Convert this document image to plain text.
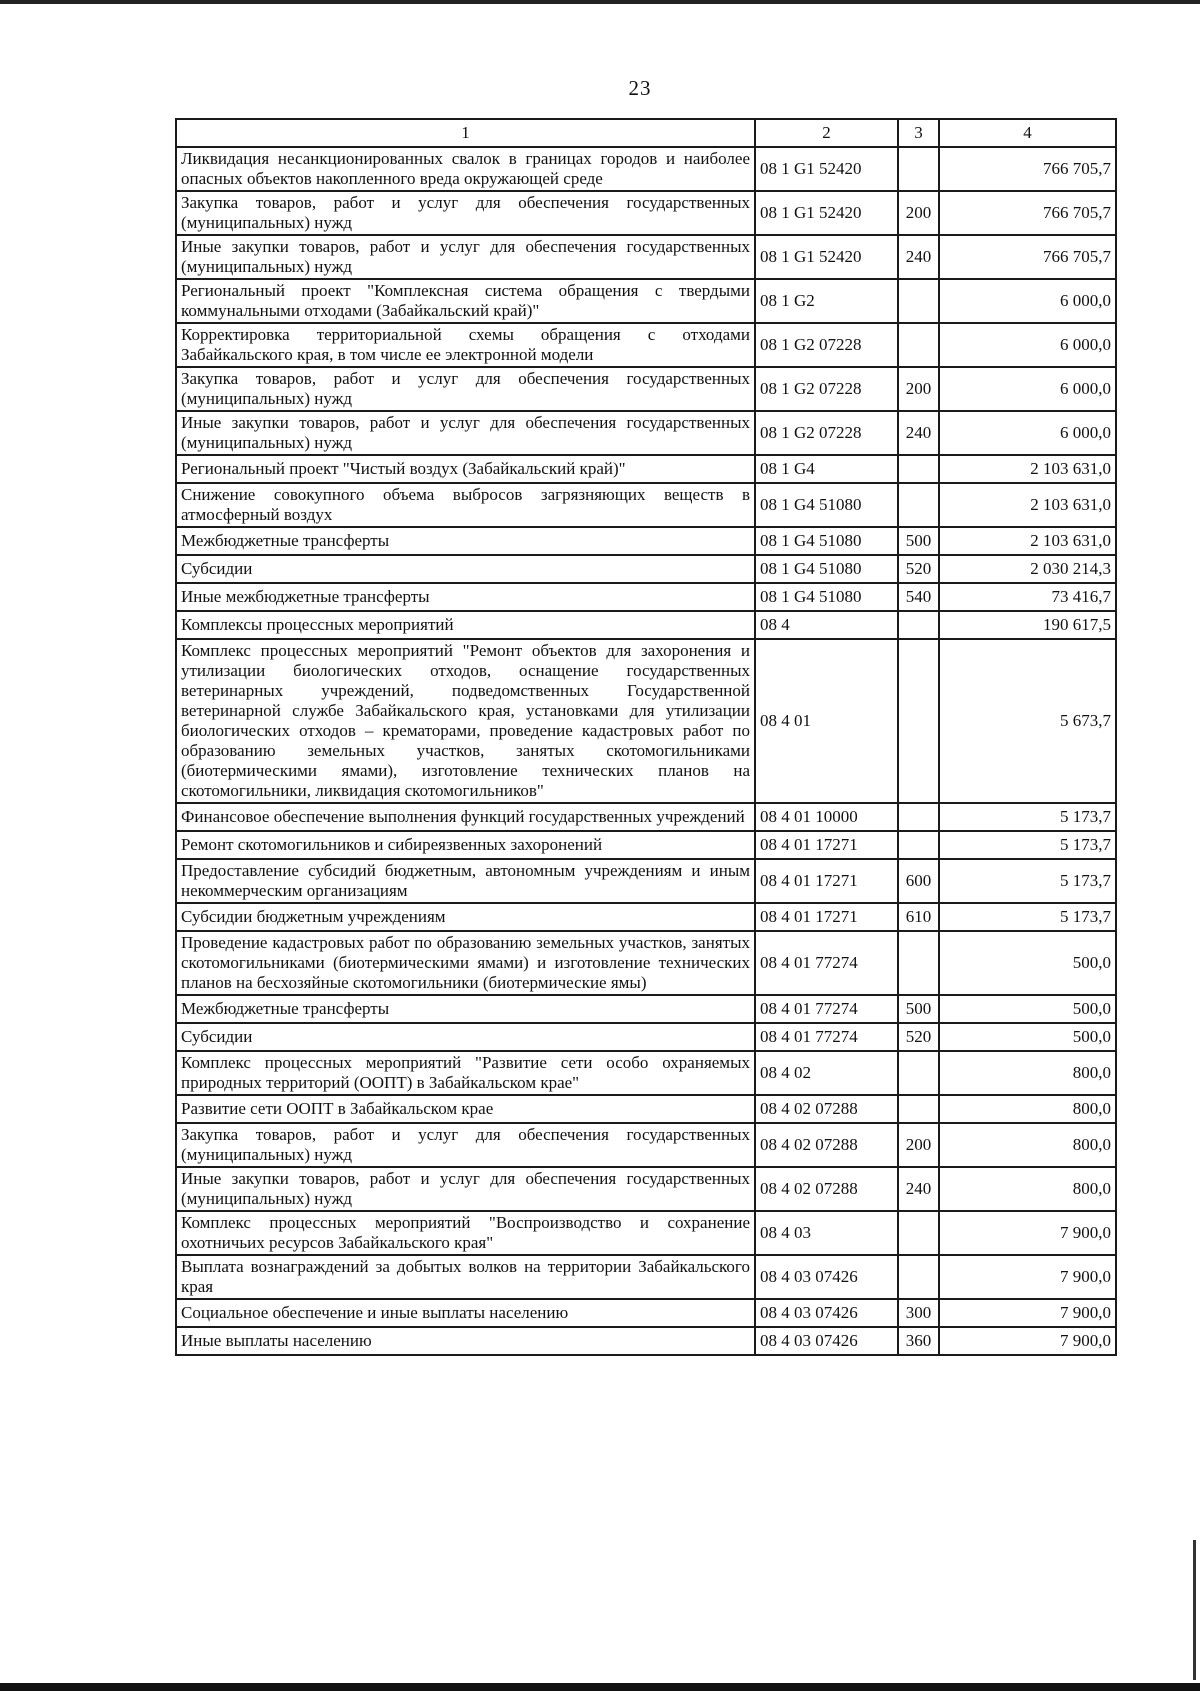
23
1	2	3	4
Ликвидация несанкционированных свалок в границах городов и наиболее опасных объектов накопленного вреда окружающей среде	08 1 G1 52420		766 705,7
Закупка товаров, работ и услуг для обеспечения государственных (муниципальных) нужд	08 1 G1 52420	200	766 705,7
Иные закупки товаров, работ и услуг для обеспечения государственных (муниципальных) нужд	08 1 G1 52420	240	766 705,7
Региональный проект "Комплексная система обращения с твердыми коммунальными отходами (Забайкальский край)"	08 1 G2		6 000,0
Корректировка территориальной схемы обращения с отходами Забайкальского края, в том числе ее электронной модели	08 1 G2 07228		6 000,0
Закупка товаров, работ и услуг для обеспечения государственных (муниципальных) нужд	08 1 G2 07228	200	6 000,0
Иные закупки товаров, работ и услуг для обеспечения государственных (муниципальных) нужд	08 1 G2 07228	240	6 000,0
Региональный проект "Чистый воздух (Забайкальский край)"	08 1 G4		2 103 631,0
Снижение совокупного объема выбросов загрязняющих веществ в атмосферный воздух	08 1 G4 51080		2 103 631,0
Межбюджетные трансферты	08 1 G4 51080	500	2 103 631,0
Субсидии	08 1 G4 51080	520	2 030 214,3
Иные межбюджетные трансферты	08 1 G4 51080	540	73 416,7
Комплексы процессных мероприятий	08 4		190 617,5
Комплекс процессных мероприятий "Ремонт объектов для захоронения и утилизации биологических отходов, оснащение государственных ветеринарных учреждений, подведомственных Государственной ветеринарной службе Забайкальского края, установками для утилизации биологических отходов – крематорами, проведение кадастровых работ по образованию земельных участков, занятых скотомогильниками (биотермическими ямами), изготовление технических планов на скотомогильники, ликвидация скотомогильников"	08 4 01		5 673,7
Финансовое обеспечение выполнения функций государственных учреждений	08 4 01 10000		5 173,7
Ремонт скотомогильников и сибиреязвенных захоронений	08 4 01 17271		5 173,7
Предоставление субсидий бюджетным, автономным учреждениям и иным некоммерческим организациям	08 4 01 17271	600	5 173,7
Субсидии бюджетным учреждениям	08 4 01 17271	610	5 173,7
Проведение кадастровых работ по образованию земельных участков, занятых скотомогильниками (биотермическими ямами) и изготовление технических планов на бесхозяйные скотомогильники (биотермические ямы)	08 4 01 77274		500,0
Межбюджетные трансферты	08 4 01 77274	500	500,0
Субсидии	08 4 01 77274	520	500,0
Комплекс процессных мероприятий "Развитие сети особо охраняемых природных территорий (ООПТ) в Забайкальском крае"	08 4 02		800,0
Развитие сети ООПТ в Забайкальском крае	08 4 02 07288		800,0
Закупка товаров, работ и услуг для обеспечения государственных (муниципальных) нужд	08 4 02 07288	200	800,0
Иные закупки товаров, работ и услуг для обеспечения государственных (муниципальных) нужд	08 4 02 07288	240	800,0
Комплекс процессных мероприятий "Воспроизводство и сохранение охотничьих ресурсов Забайкальского края"	08 4 03		7 900,0
Выплата вознаграждений за добытых волков на территории Забайкальского края	08 4 03 07426		7 900,0
Социальное обеспечение и иные выплаты населению	08 4 03 07426	300	7 900,0
Иные выплаты населению	08 4 03 07426	360	7 900,0
